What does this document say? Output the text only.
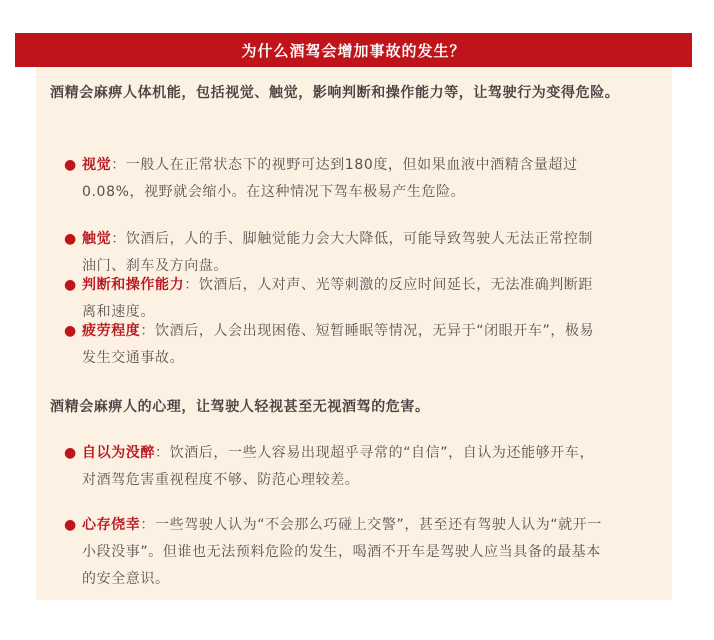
为什么酒驾会增加事故的发生？
酒精会麻痹人体机能，包括视觉、触觉，影响判断和操作能力等，让驾驶行为变得危险。
● 视觉：一般人在正常状态下的视野可达到180度，但如果血液中酒精含量超过0.08%，视野就会缩小。在这种情况下驾车极易产生危险。
● 触觉：饮酒后，人的手、脚触觉能力会大大降低，可能导致驾驶人无法正常控制油门、刹车及方向盘。
● 判断和操作能力：饮酒后，人对声、光等刺激的反应时间延长，无法准确判断距离和速度。
● 疲劳程度：饮酒后，人会出现困倦、短暂睡眠等情况，无异于“闭眼开车”，极易发生交通事故。
酒精会麻痹人的心理，让驾驶人轻视甚至无视酒驾的危害。
● 自以为没醉：饮酒后，一些人容易出现超乎寻常的“自信”，自认为还能够开车，对酒驾危害重视程度不够、防范心理较差。
● 心存侥幸：一些驾驶人认为“不会那么巧碰上交警”，甚至还有驾驶人认为“就开一小段没事”。但谁也无法预料危险的发生，喝酒不开车是驾驶人应当具备的最基本的安全意识。
